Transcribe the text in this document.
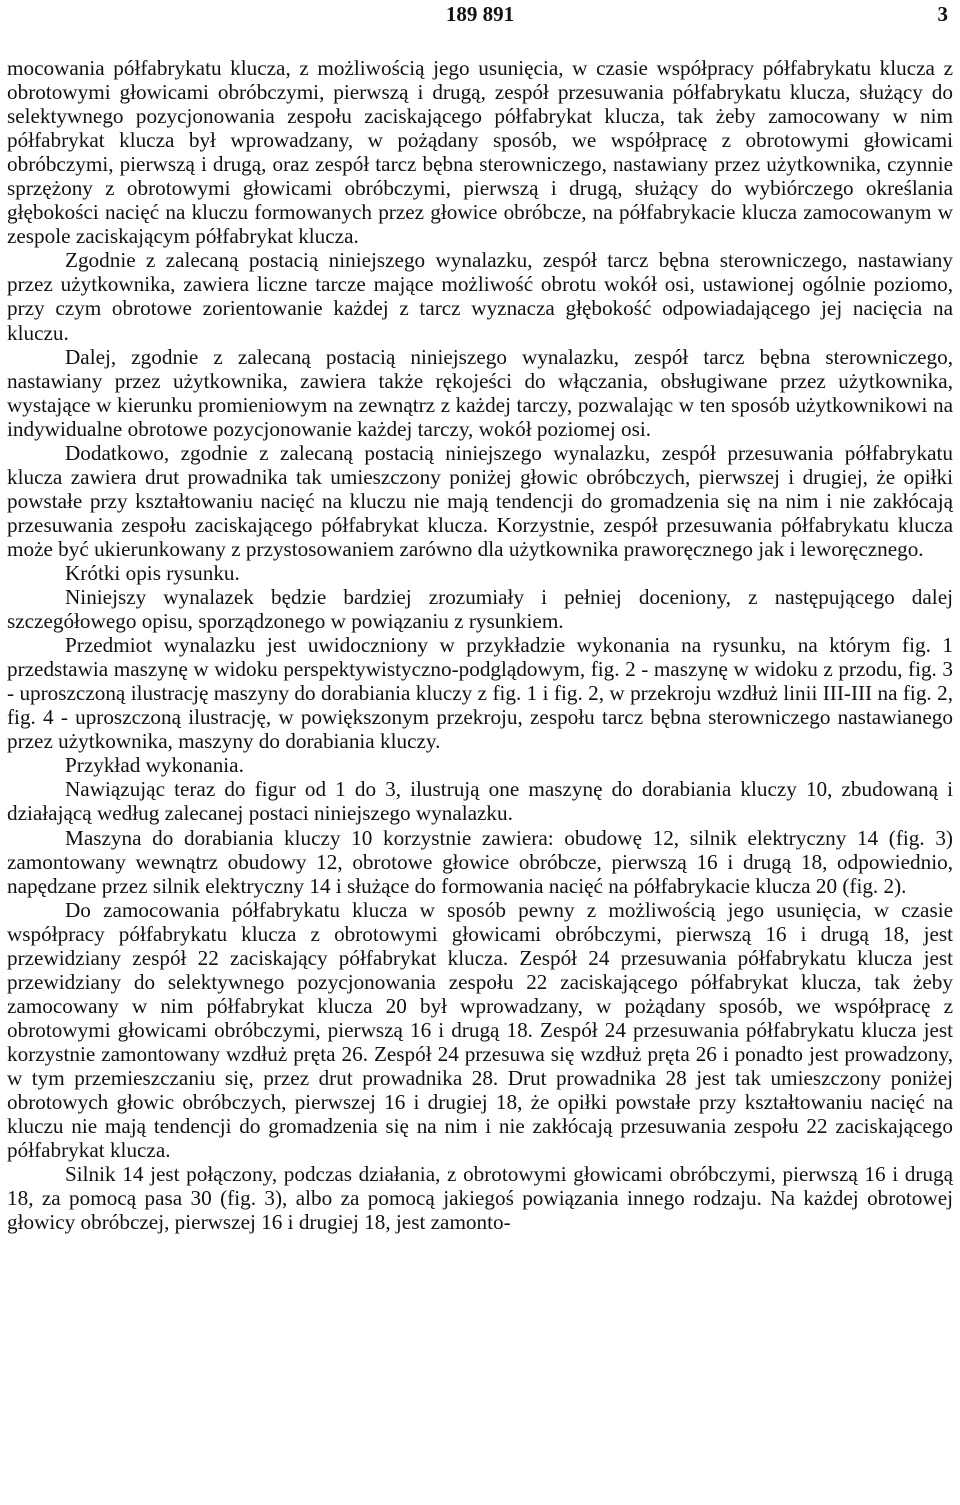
189 891	3

mocowania półfabrykatu klucza, z możliwością jego usunięcia, w czasie współpracy półfabrykatu klucza z obrotowymi głowicami obróbczymi, pierwszą i drugą, zespół przesuwania półfabrykatu klucza, służący do selektywnego pozycjonowania zespołu zaciskającego półfabrykat klucza, tak żeby zamocowany w nim półfabrykat klucza był wprowadzany, w pożądany sposób, we współpracę z obrotowymi głowicami obróbczymi, pierwszą i drugą, oraz zespół tarcz bębna sterowniczego, nastawiany przez użytkownika, czynnie sprzężony z obrotowymi głowicami obróbczymi, pierwszą i drugą, służący do wybiórczego określania głębokości nacięć na kluczu formowanych przez głowice obróbcze, na półfabrykacie klucza zamocowanym w zespole zaciskającym półfabrykat klucza.

Zgodnie z zalecaną postacią niniejszego wynalazku, zespół tarcz bębna sterowniczego, nastawiany przez użytkownika, zawiera liczne tarcze mające możliwość obrotu wokół osi, ustawionej ogólnie poziomo, przy czym obrotowe zorientowanie każdej z tarcz wyznacza głębokość odpowiadającego jej nacięcia na kluczu.

Dalej, zgodnie z zalecaną postacią niniejszego wynalazku, zespół tarcz bębna sterowniczego, nastawiany przez użytkownika, zawiera także rękojeści do włączania, obsługiwane przez użytkownika, wystające w kierunku promieniowym na zewnątrz z każdej tarczy, pozwalając w ten sposób użytkownikowi na indywidualne obrotowe pozycjonowanie każdej tarczy, wokół poziomej osi.

Dodatkowo, zgodnie z zalecaną postacią niniejszego wynalazku, zespół przesuwania półfabrykatu klucza zawiera drut prowadnika tak umieszczony poniżej głowic obróbczych, pierwszej i drugiej, że opiłki powstałe przy kształtowaniu nacięć na kluczu nie mają tendencji do gromadzenia się na nim i nie zakłócają przesuwania zespołu zaciskającego półfabrykat klucza. Korzystnie, zespół przesuwania półfabrykatu klucza może być ukierunkowany z przystosowaniem zarówno dla użytkownika praworęcznego jak i leworęcznego.

Krótki opis rysunku.

Niniejszy wynalazek będzie bardziej zrozumiały i pełniej doceniony, z następującego dalej szczegółowego opisu, sporządzonego w powiązaniu z rysunkiem.

Przedmiot wynalazku jest uwidoczniony w przykładzie wykonania na rysunku, na którym fig. 1 przedstawia maszynę w widoku perspektywistyczno-podglądowym, fig. 2 - maszynę w widoku z przodu, fig. 3 - uproszczoną ilustrację maszyny do dorabiania kluczy z fig. 1 i fig. 2, w przekroju wzdłuż linii III-III na fig. 2, fig. 4 - uproszczoną ilustrację, w powiększonym przekroju, zespołu tarcz bębna sterowniczego nastawianego przez użytkownika, maszyny do dorabiania kluczy.

Przykład wykonania.

Nawiązując teraz do figur od 1 do 3, ilustrują one maszynę do dorabiania kluczy 10, zbudowaną i działającą według zalecanej postaci niniejszego wynalazku.

Maszyna do dorabiania kluczy 10 korzystnie zawiera: obudowę 12, silnik elektryczny 14 (fig. 3) zamontowany wewnątrz obudowy 12, obrotowe głowice obróbcze, pierwszą 16 i drugą 18, odpowiednio, napędzane przez silnik elektryczny 14 i służące do formowania nacięć na półfabrykacie klucza 20 (fig. 2).

Do zamocowania półfabrykatu klucza w sposób pewny z możliwością jego usunięcia, w czasie współpracy półfabrykatu klucza z obrotowymi głowicami obróbczymi, pierwszą 16 i drugą 18, jest przewidziany zespół 22 zaciskający półfabrykat klucza. Zespół 24 przesuwania półfabrykatu klucza jest przewidziany do selektywnego pozycjonowania zespołu 22 zaciskającego półfabrykat klucza, tak żeby zamocowany w nim półfabrykat klucza 20 był wprowadzany, w pożądany sposób, we współpracę z obrotowymi głowicami obróbczymi, pierwszą 16 i drugą 18. Zespół 24 przesuwania półfabrykatu klucza jest korzystnie zamontowany wzdłuż pręta 26. Zespół 24 przesuwa się wzdłuż pręta 26 i ponadto jest prowadzony, w tym przemieszczaniu się, przez drut prowadnika 28. Drut prowadnika 28 jest tak umieszczony poniżej obrotowych głowic obróbczych, pierwszej 16 i drugiej 18, że opiłki powstałe przy kształtowaniu nacięć na kluczu nie mają tendencji do gromadzenia się na nim i nie zakłócają przesuwania zespołu 22 zaciskającego półfabrykat klucza.

Silnik 14 jest połączony, podczas działania, z obrotowymi głowicami obróbczymi, pierwszą 16 i drugą 18, za pomocą pasa 30 (fig. 3), albo za pomocą jakiegoś powiązania innego rodzaju. Na każdej obrotowej głowicy obróbczej, pierwszej 16 i drugiej 18, jest zamonto-
